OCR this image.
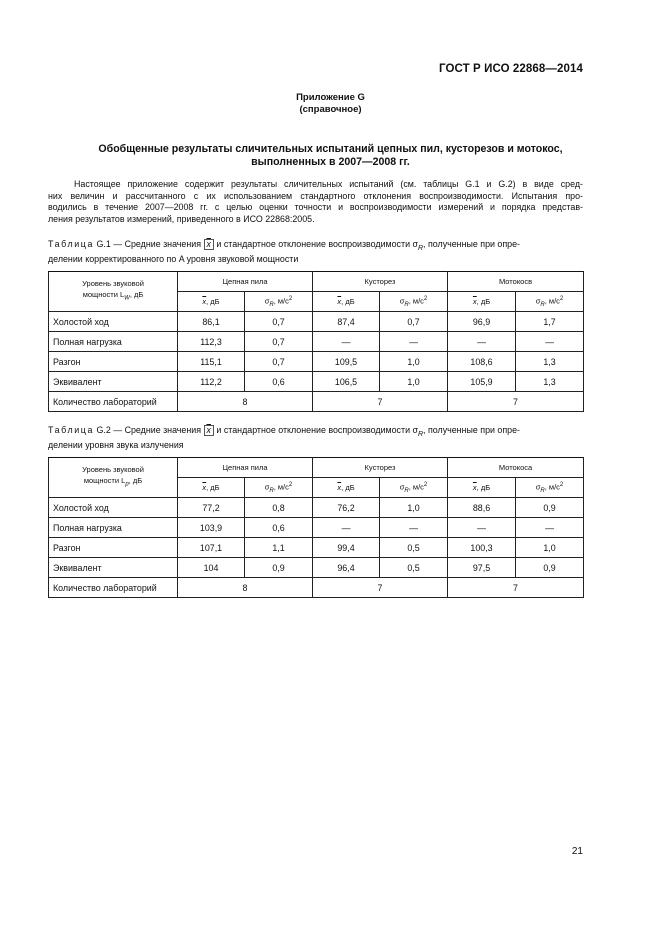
ГОСТ Р ИСО 22868—2014
Приложение G
(справочное)
Обобщенные результаты сличительных испытаний цепных пил, кусторезов и мотокос,
выполненных в 2007—2008 гг.
Настоящее приложение содержит результаты сличительных испытаний (см. таблицы G.1 и G.2) в виде сред-
них величин и рассчитанного с их использованием стандартного отклонения воспроизводимости. Испытания про-
водились в течение 2007—2008 гг. с целью оценки точности и воспроизводимости измерений и порядка представ-
ления результатов измерений, приведенного в ИСО 22868:2005.
Таблица G.1 — Средние значения $\overline{x}$ и стандартное отклонение воспроизводимости $\sigma_R$, полученные при опре-
делении корректированного по A уровня звуковой мощности
Уровень звуковой
мощности $L_W$, дБ	Цепная пила		Кусторез		Мотокосв	
	$\overline{x}$, дБ	$\sigma_R$, $м/с^2$	$\overline{x}$, дБ	$\sigma_R$, $м/с^2$	$\overline{x}$, дБ	$\sigma_R$, $м/с^2$
Холостой ход	86,1	0,7	87,4	0,7	96,9	1,7
Полная нагрузка	112,3	0,7	—	—	—	—
Разгон	115,1	0,7	109,5	1,0	108,6	1,3
Эквивалент	112,2	0,6	106,5	1,0	105,9	1,3
Количество лабораторий	8		7		7	
Таблица G.2 — Средние значения $\overline{x}$ и стандартное отклонение воспроизводимости $\sigma_R$, полученные при опре-
делении уровня звука излучения
Уровень звуковой
мощности $L_p$, дБ	Цепная пила		Кусторез		Мотокоса	
	$\overline{x}$, дБ	$\sigma_R$, $м/с^2$	$\overline{x}$, дБ	$\sigma_R$, $м/с^2$	$\overline{x}$, дБ	$\sigma_R$, $м/с^2$
Холостой ход	77,2	0,8	76,2	1,0	88,6	0,9
Полная нагрузка	103,9	0,6	—	—	—	—
Разгон	107,1	1,1	99,4	0,5	100,3	1,0
Эквивалент	104	0,9	96,4	0,5	97,5	0,9
Количество лабораторий	8		7		7	
21
